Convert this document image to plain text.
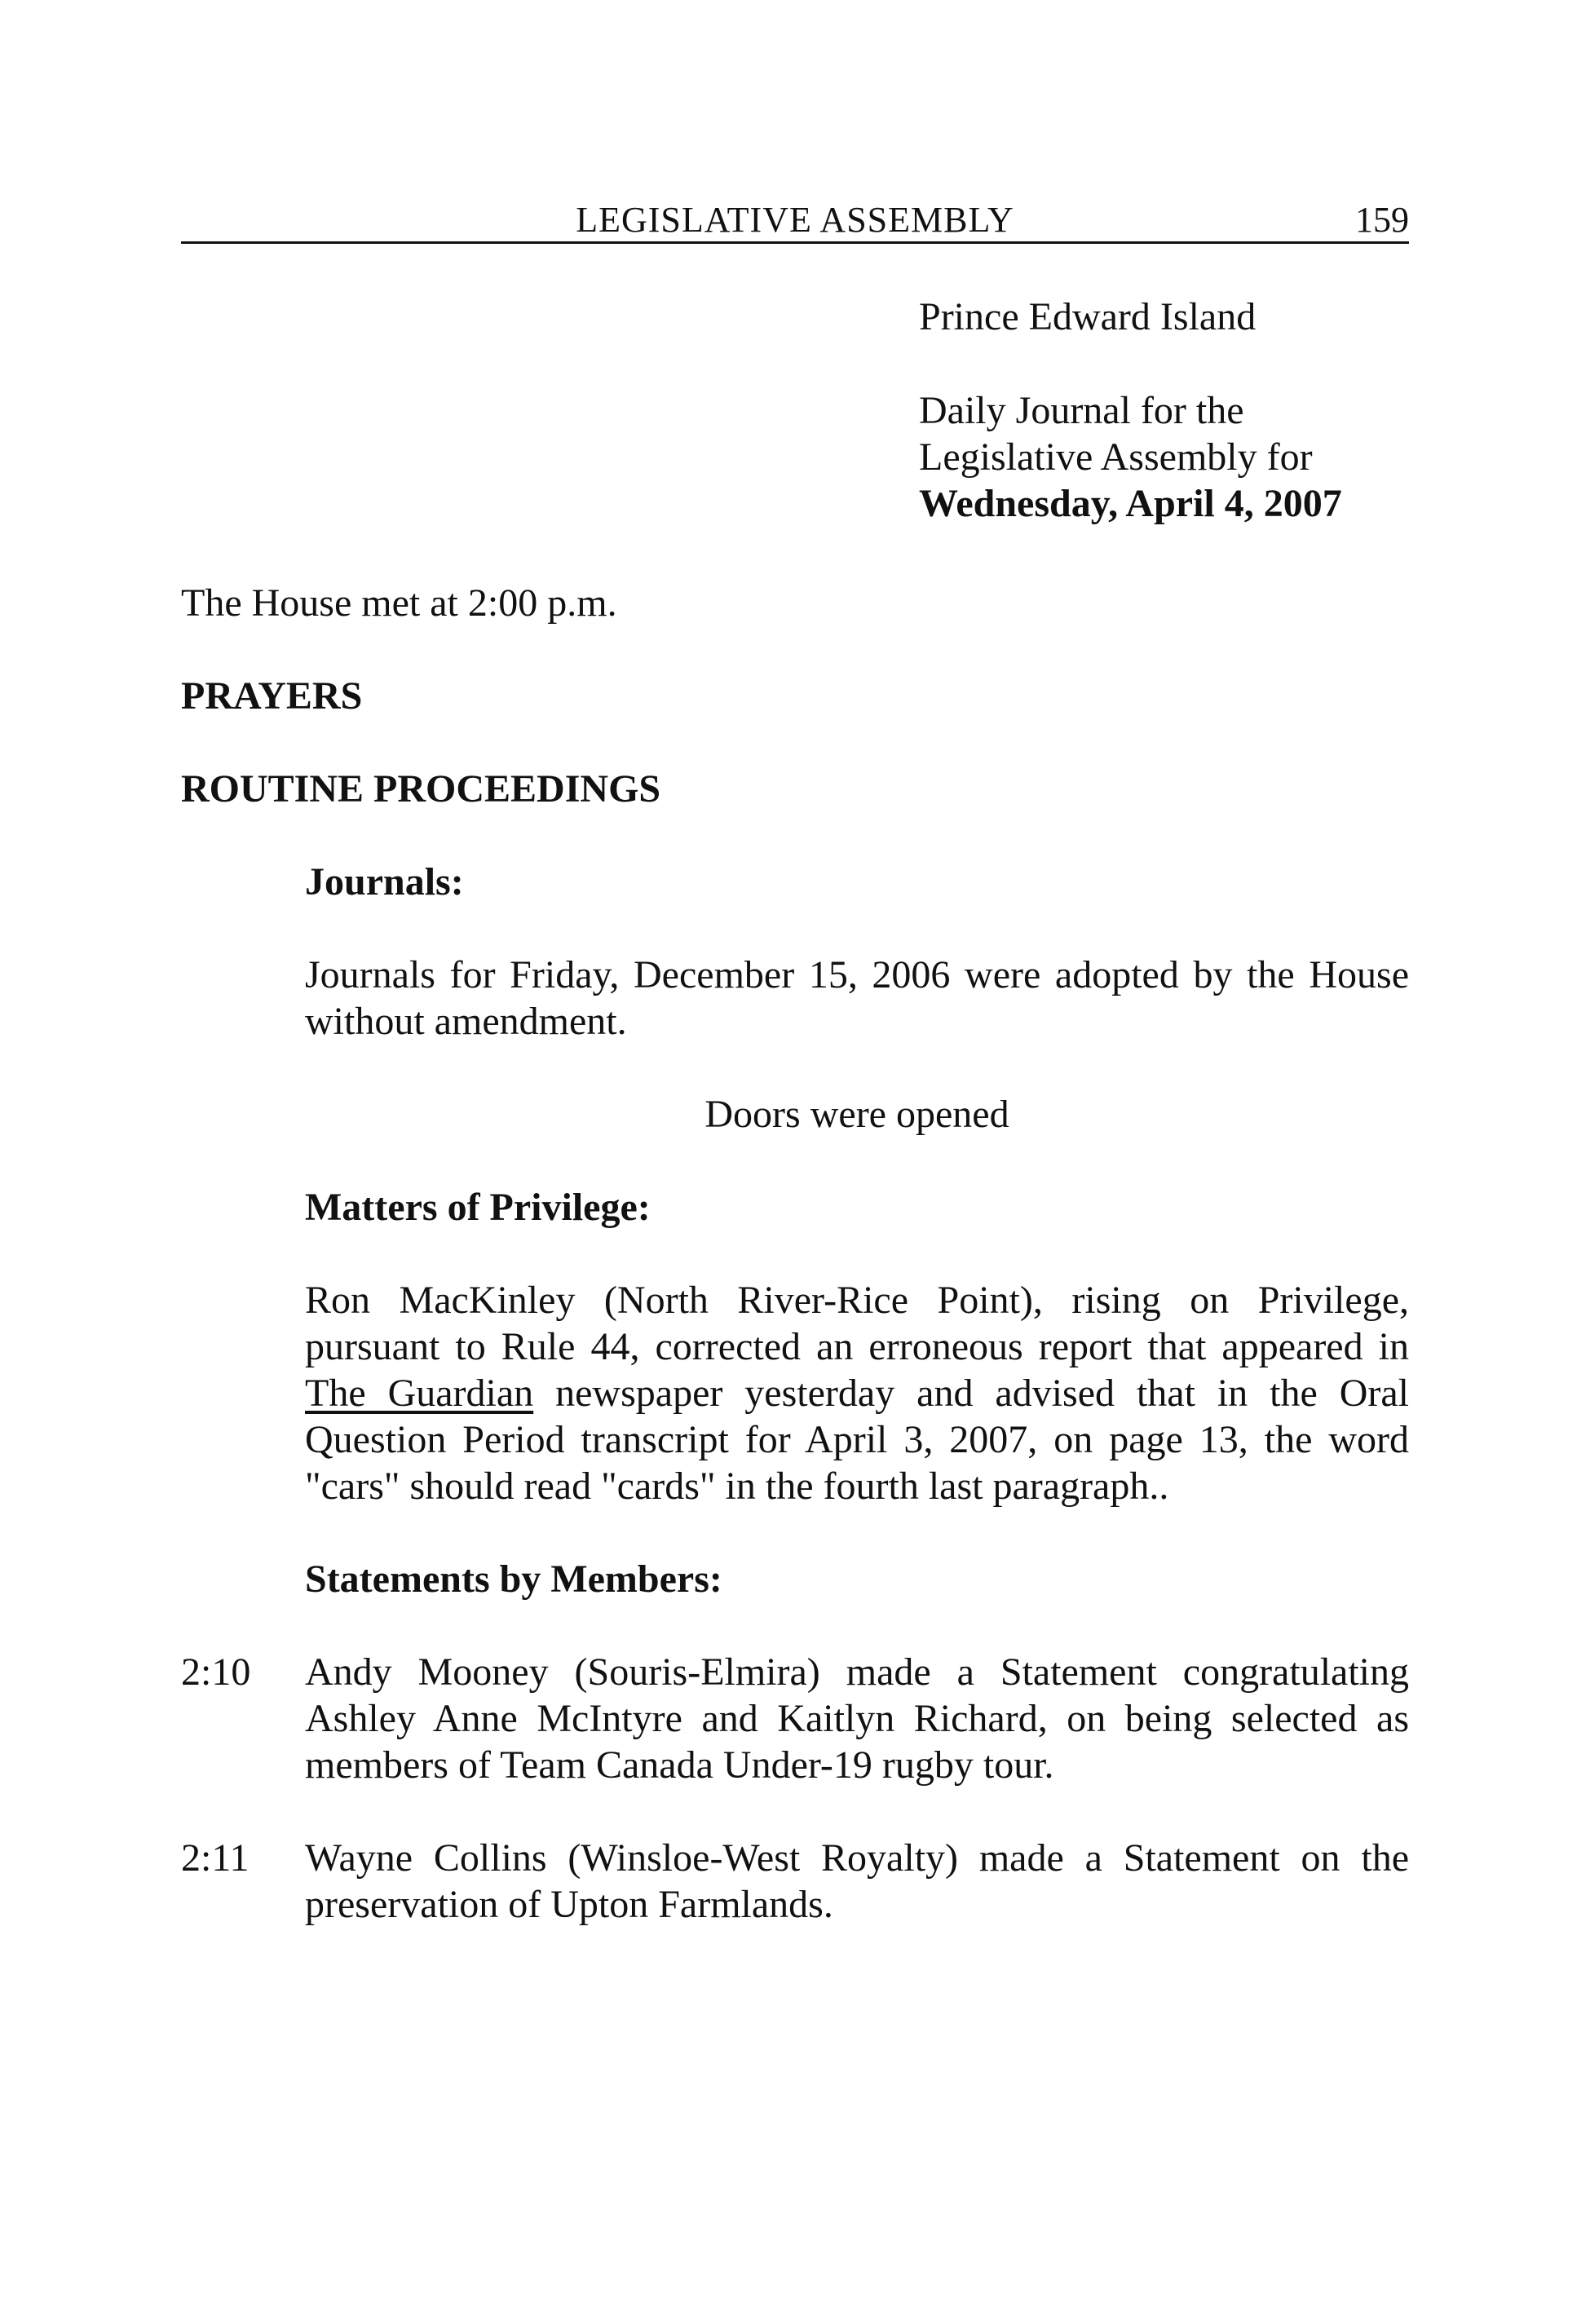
LEGISLATIVE ASSEMBLY	159

Prince Edward Island

Daily Journal for the
Legislative Assembly for
Wednesday, April 4, 2007
The House met at 2:00 p.m.
PRAYERS
ROUTINE PROCEEDINGS
Journals:
Journals for Friday, December 15, 2006 were adopted by the House without amendment.
Doors were opened
Matters of Privilege:
Ron MacKinley (North River-Rice Point), rising on Privilege, pursuant to Rule 44, corrected an erroneous report that appeared in The Guardian newspaper yesterday and advised that in the Oral Question Period transcript for April 3, 2007, on page 13, the word "cars" should read "cards" in the fourth last paragraph..
Statements by Members:
2:10 Andy Mooney (Souris-Elmira) made a Statement congratulating Ashley Anne McIntyre and Kaitlyn Richard, on being selected as members of Team Canada Under-19 rugby tour.
2:11 Wayne Collins (Winsloe-West Royalty) made a Statement on the preservation of Upton Farmlands.
